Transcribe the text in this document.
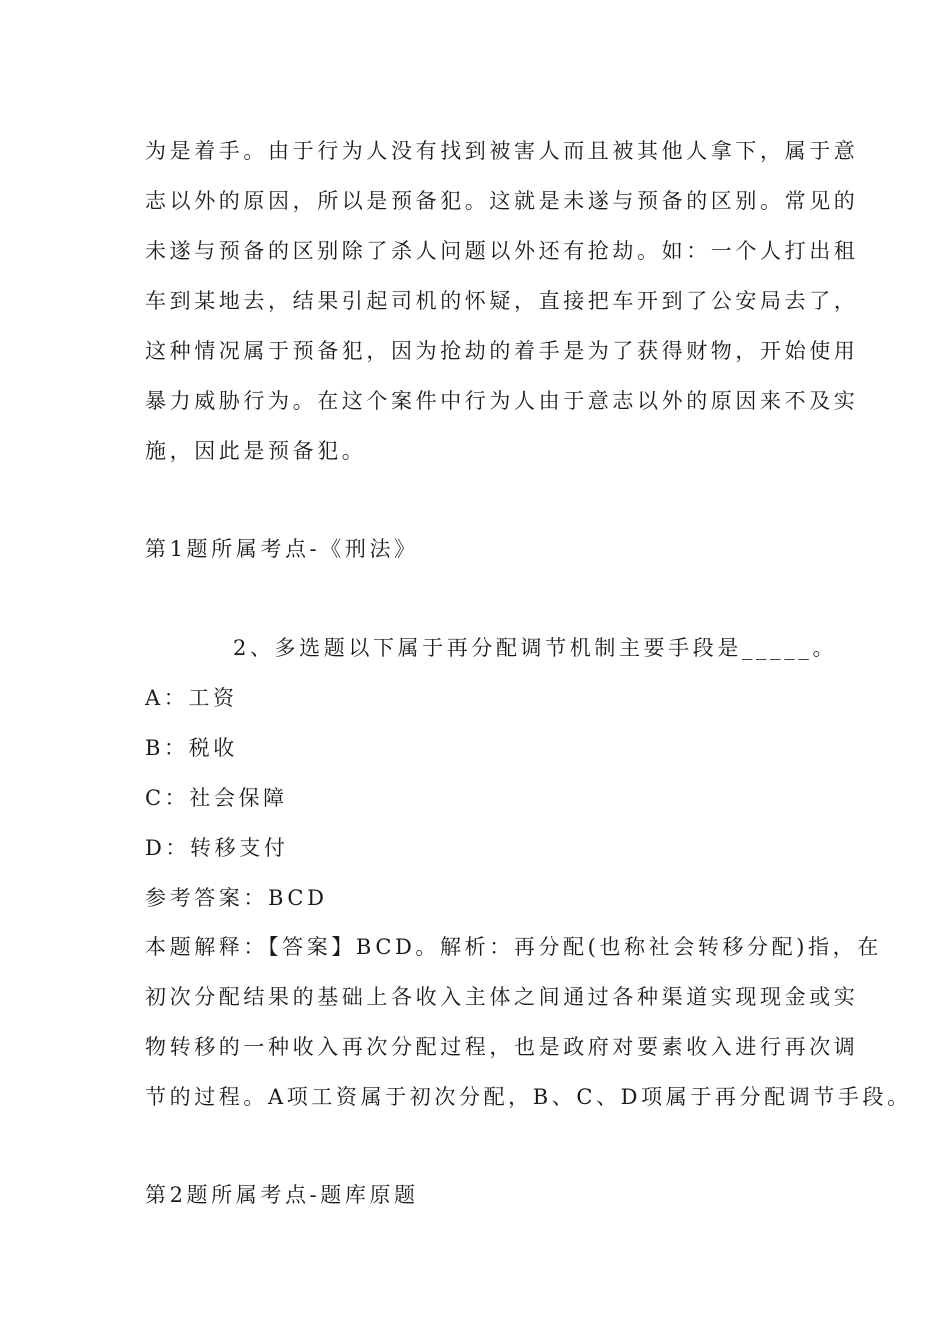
为是着手。由于行为人没有找到被害人而且被其他人拿下，属于意
志以外的原因，所以是预备犯。这就是未遂与预备的区别。常见的
未遂与预备的区别除了杀人问题以外还有抢劫。如：一个人打出租
车到某地去，结果引起司机的怀疑，直接把车开到了公安局去了，
这种情况属于预备犯，因为抢劫的着手是为了获得财物，开始使用
暴力威胁行为。在这个案件中行为人由于意志以外的原因来不及实
施，因此是预备犯。

第1题所属考点-《刑法》

2、多选题以下属于再分配调节机制主要手段是_____。

A：工资

B：税收

C：社会保障

D：转移支付

参考答案：BCD

本题解释：【答案】BCD。解析：再分配(也称社会转移分配)指，在
初次分配结果的基础上各收入主体之间通过各种渠道实现现金或实
物转移的一种收入再次分配过程，也是政府对要素收入进行再次调
节的过程。A项工资属于初次分配，B、C、D项属于再分配调节手段。

第2题所属考点-题库原题
